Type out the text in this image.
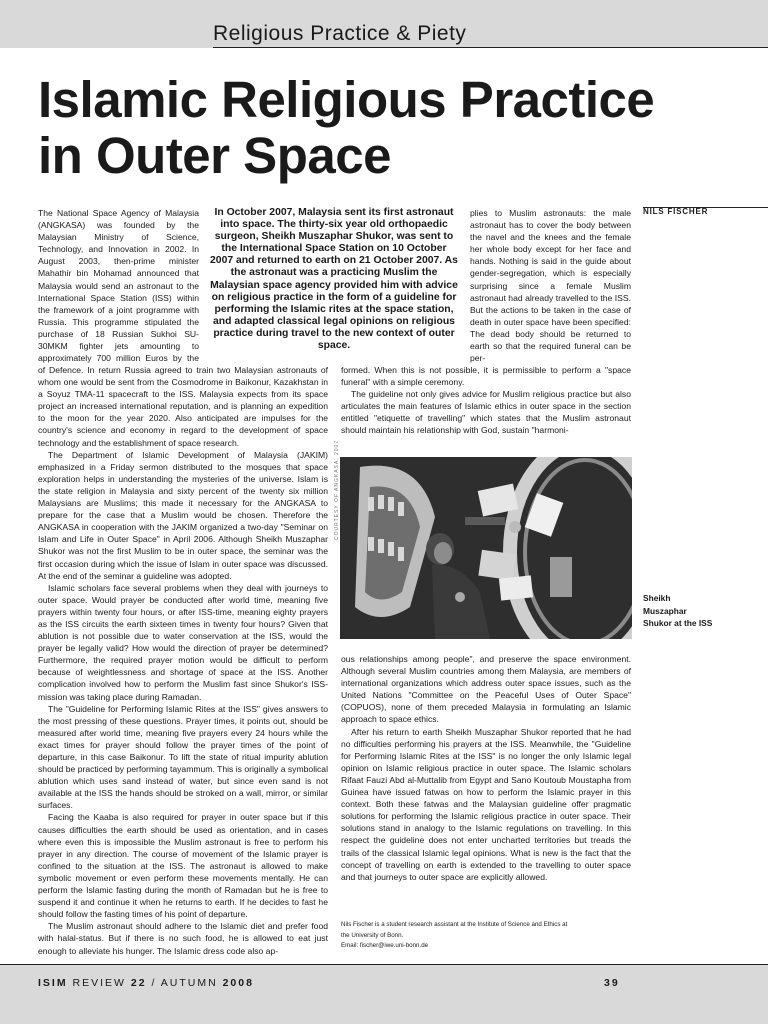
Religious Practice & Piety
Islamic Religious Practice
in Outer Space
NILS FISCHER

The National Space Agency of Malaysia (ANGKASA) was founded by the Malaysian Ministry of Science, Technology, and Innovation in 2002. In August 2003, then-prime minister Mahathir bin Mohamad announced that Malaysia would send an astronaut to the International Space Station (ISS) within the framework of a joint programme with Russia. This programme stipulated the purchase of 18 Russian Sukhoi SU-30MKM fighter jets amounting to approximately 700 million Euros by the

In October 2007, Malaysia sent its first astronaut into space. The thirty-six year old orthopaedic surgeon, Sheikh Muszaphar Shukor, was sent to the International Space Station on 10 October 2007 and returned to earth on 21 October 2007. As the astronaut was a practicing Muslim the Malaysian space agency provided him with advice on religious practice in the form of a guideline for performing the Islamic rites at the space station, and adapted classical legal opinions on religious practice during travel to the new context of outer space.

plies to Muslim astronauts: the male astronaut has to cover the body between the navel and the knees and the female her whole body except for her face and hands. Nothing is said in the guide about gender-segregation, which is especially surprising since a female Muslim astronaut had already travelled to the ISS. But the actions to be taken in the case of death in outer space have been specified: The dead body should be returned to earth so that the required funeral can be per-

of Defence. In return Russia agreed to train two Malaysian astronauts of whom one would be sent from the Cosmodrome in Baikonur, Kazakhstan in a Soyuz TMA-11 spacecraft to the ISS. Malaysia expects from its space project an increased international reputation, and is planning an expedition to the moon for the year 2020. Also anticipated are impulses for the country's science and economy in regard to the development of space technology and the establishment of space research.

The Department of Islamic Development of Malaysia (JAKIM) emphasized in a Friday sermon distributed to the mosques that space exploration helps in understanding the mysteries of the universe. Islam is the state religion in Malaysia and sixty percent of the twenty six million Malaysians are Muslims; this made it necessary for the ANGKASA to prepare for the case that a Muslim would be chosen. Therefore the ANGKASA in cooperation with the JAKIM organized a two-day "Seminar on Islam and Life in Outer Space" in April 2006. Although Sheikh Muszaphar Shukor was not the first Muslim to be in outer space, the seminar was the first occasion during which the issue of Islam in outer space was discussed. At the end of the seminar a guideline was adopted.

Islamic scholars face several problems when they deal with journeys to outer space. Would prayer be conducted after world time, meaning five prayers within twenty four hours, or after ISS-time, meaning eighty prayers as the ISS circuits the earth sixteen times in twenty four hours? Given that ablution is not possible due to water conservation at the ISS, would the prayer be legally valid? How would the direction of prayer be determined? Furthermore, the required prayer motion would be difficult to perform because of weightlessness and shortage of space at the ISS. Another complication involved how to perform the Muslim fast since Shukor's ISS-mission was taking place during Ramadan.

The "Guideline for Performing Islamic Rites at the ISS" gives answers to the most pressing of these questions. Prayer times, it points out, should be measured after world time, meaning five prayers every 24 hours while the exact times for prayer should follow the prayer times of the point of departure, in this case Baikonur. To lift the state of ritual impurity ablution should be practiced by performing tayammum. This is originally a symbolical ablution which uses sand instead of water, but since even sand is not available at the ISS the hands should be stroked on a wall, mirror, or similar surfaces.

Facing the Kaaba is also required for prayer in outer space but if this causes difficulties the earth should be used as orientation, and in cases where even this is impossible the Muslim astronaut is free to perform his prayer in any direction. The course of movement of the Islamic prayer is confined to the situation at the ISS. The astronaut is allowed to make symbolic movement or even perform these movements mentally. He can perform the Islamic fasting during the month of Ramadan but he is free to suspend it and continue it when he returns to earth. If he decides to fast he should follow the fasting times of his point of departure.

The Muslim astronaut should adhere to the Islamic diet and prefer food with halal-status. But if there is no such food, he is allowed to eat just enough to alleviate his hunger. The Islamic dress code also ap-

formed. When this is not possible, it is permissible to perform a "space funeral" with a simple ceremony.

The guideline not only gives advice for Muslim religious practice but also articulates the main features of Islamic ethics in outer space in the section entitled "etiquette of travelling" which states that the Muslim astronaut should maintain his relationship with God, sustain "harmoni-

COURTESY OF ANGKASA, 2007
Sheikh Muszaphar Shukor at the ISS

ous relationships among people", and preserve the space environment. Although several Muslim countries among them Malaysia, are members of international organizations which address outer space issues, such as the United Nations "Committee on the Peaceful Uses of Outer Space" (COPUOS), none of them preceded Malaysia in formulating an Islamic approach to space ethics.

After his return to earth Sheikh Muszaphar Shukor reported that he had no difficulties performing his prayers at the ISS. Meanwhile, the "Guideline for Performing Islamic Rites at the ISS" is no longer the only Islamic legal opinion on Islamic religious practice in outer space. The Islamic scholars Rifaat Fauzi Abd al-Muttalib from Egypt and Sano Koutoub Moustapha from Guinea have issued fatwas on how to perform the Islamic prayer in this context. Both these fatwas and the Malaysian guideline offer pragmatic solutions for performing the Islamic religious practice in outer space. Their solutions stand in analogy to the Islamic regulations on travelling. In this respect the guideline does not enter uncharted territories but treads the trails of the classical Islamic legal opinions. What is new is the fact that the concept of travelling on earth is extended to the travelling to outer space and that journeys to outer space are explicitly allowed.

Nils Fischer is a student research assistant at the Institute of Science and Ethics at
the University of Bonn.
Email: fischer@iwe.uni-bonn.de
ISIM REVIEW 22 / AUTUMN 2008	39
